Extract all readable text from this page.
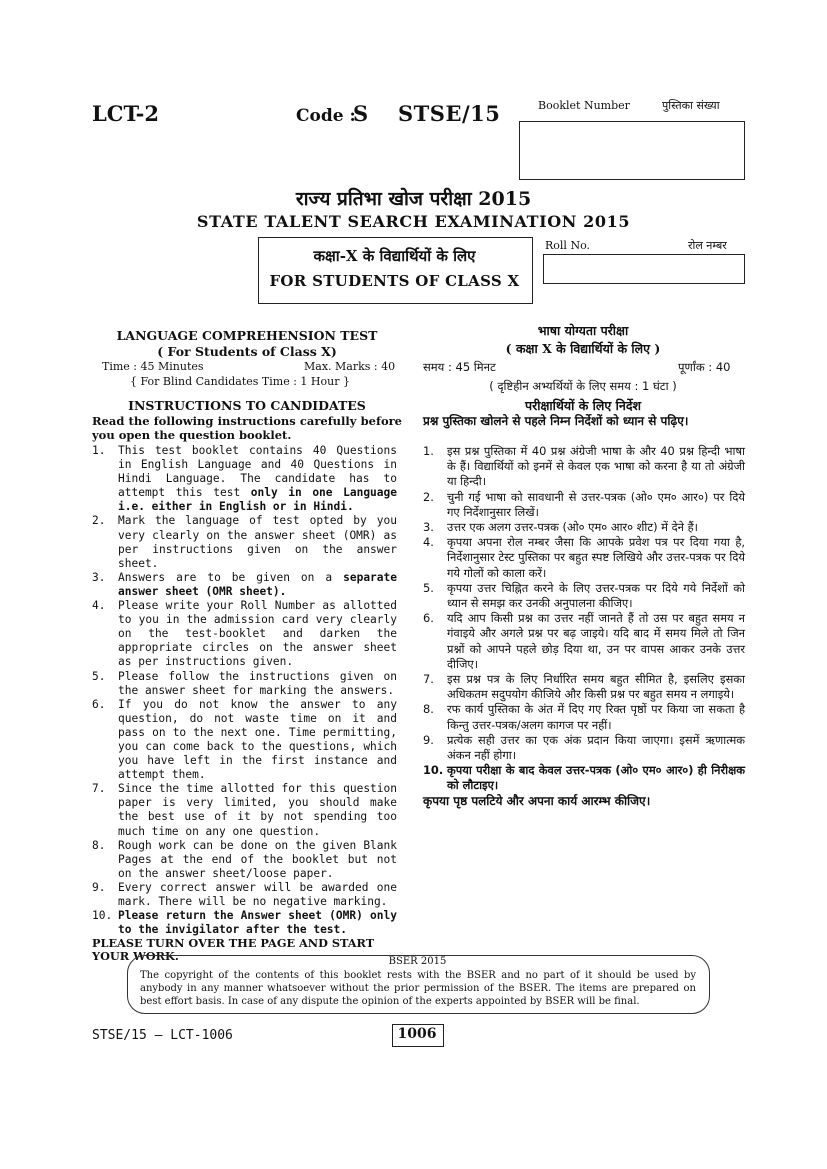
LCT-2	Code :
S STSE/15	Booklet Number	पुस्तिका संख्या
राज्य प्रतिभा खोज परीक्षा 2015
STATE TALENT SEARCH EXAMINATION 2015
कक्षा-X के विद्यार्थियों के लिए
FOR STUDENTS OF CLASS X
Roll No.	रोल नम्बर
LANGUAGE COMPREHENSION TEST
( For Students of Class X)
Time : 45 Minutes	Max. Marks : 40
{ For Blind Candidates Time : 1 Hour }
INSTRUCTIONS TO CANDIDATES
Read the following instructions carefully before you open the question booklet.
1.	This test booklet contains 40 Questions in English Language and 40 Questions in Hindi Language. The candidate has to attempt this test only in one Language i.e. either in English or in Hindi.
2.	Mark the language of test opted by you very clearly on the answer sheet (OMR) as per instructions given on the answer sheet.
3.	Answers are to be given on a separate answer sheet (OMR sheet).
4.	Please write your Roll Number as allotted to you in the admission card very clearly on the test-booklet and darken the appropriate circles on the answer sheet as per instructions given.
5.	Please follow the instructions given on the answer sheet for marking the answers.
6.	If you do not know the answer to any question, do not waste time on it and pass on to the next one. Time permitting, you can come back to the questions, which you have left in the first instance and attempt them.
7.	Since the time allotted for this question paper is very limited, you should make the best use of it by not spending too much time on any one question.
8.	Rough work can be done on the given Blank Pages at the end of the booklet but not on the answer sheet/loose paper.
9.	Every correct answer will be awarded one mark. There will be no negative marking.
10. Please return the Answer sheet (OMR) only to the invigilator after the test.
PLEASE TURN OVER THE PAGE AND START YOUR WORK.
भाषा योग्यता परीक्षा
( कक्षा X के विद्यार्थियों के लिए )
समय : 45 मिनट	पूर्णांक : 40
( दृष्टिहीन अभ्यर्थियों के लिए समय : 1 घंटा )
परीक्षार्थियों के लिए निर्देश
प्रश्न पुस्तिका खोलने से पहले निम्न निर्देशों को ध्यान से पढ़िए।
1.	इस प्रश्न पुस्तिका में 40 प्रश्न अंग्रेजी भाषा के और 40 प्रश्न हिन्दी भाषा के हैं। विद्यार्थियों को इनमें से केवल एक भाषा को करना है या तो अंग्रेजी या हिन्दी।
2.	चुनी गई भाषा को सावधानी से उत्तर-पत्रक (ओ० एम० आर०) पर दिये गए निर्देशानुसार लिखें।
3.	उत्तर एक अलग उत्तर-पत्रक (ओ० एम० आर० शीट) में देने हैं।
4.	कृपया अपना रोल नम्बर जैसा कि आपके प्रवेश पत्र पर दिया गया है, निर्देशानुसार टेस्ट पुस्तिका पर बहुत स्पष्ट लिखिये और उत्तर-पत्रक पर दिये गये गोलों को काला करें।
5.	कृपया उत्तर चिह्नित करने के लिए उत्तर-पत्रक पर दिये गये निर्देशों को ध्यान से समझ कर उनकी अनुपालना कीजिए।
6.	यदि आप किसी प्रश्न का उत्तर नहीं जानते हैं तो उस पर बहुत समय न गंवाइये और अगले प्रश्न पर बढ़ जाइये। यदि बाद में समय मिले तो जिन प्रश्नों को आपने पहले छोड़ दिया था, उन पर वापस आकर उनके उत्तर दीजिए।
7.	इस प्रश्न पत्र के लिए निर्धारित समय बहुत सीमित है, इसलिए इसका अधिकतम सदुपयोग कीजिये और किसी प्रश्न पर बहुत समय न लगाइये।
8.	रफ कार्य पुस्तिका के अंत में दिए गए रिक्त पृष्ठों पर किया जा सकता है किन्तु उत्तर-पत्रक/अलग कागज पर नहीं।
9.	प्रत्येक सही उत्तर का एक अंक प्रदान किया जाएगा। इसमें ऋणात्मक अंकन नहीं होगा।
10. कृपया परीक्षा के बाद केवल उत्तर-पत्रक (ओ० एम० आर०) ही निरीक्षक को लौटाइए।
कृपया पृष्ठ पलटिये और अपना कार्य आरम्भ कीजिए।
BSER 2015
The copyright of the contents of this booklet rests with the BSER and no part of it should be used by anybody in any manner whatsoever without the prior permission of the BSER. The items are prepared on best effort basis. In case of any dispute the opinion of the experts appointed by BSER will be final.
STSE/15 – LCT-1006	1006
